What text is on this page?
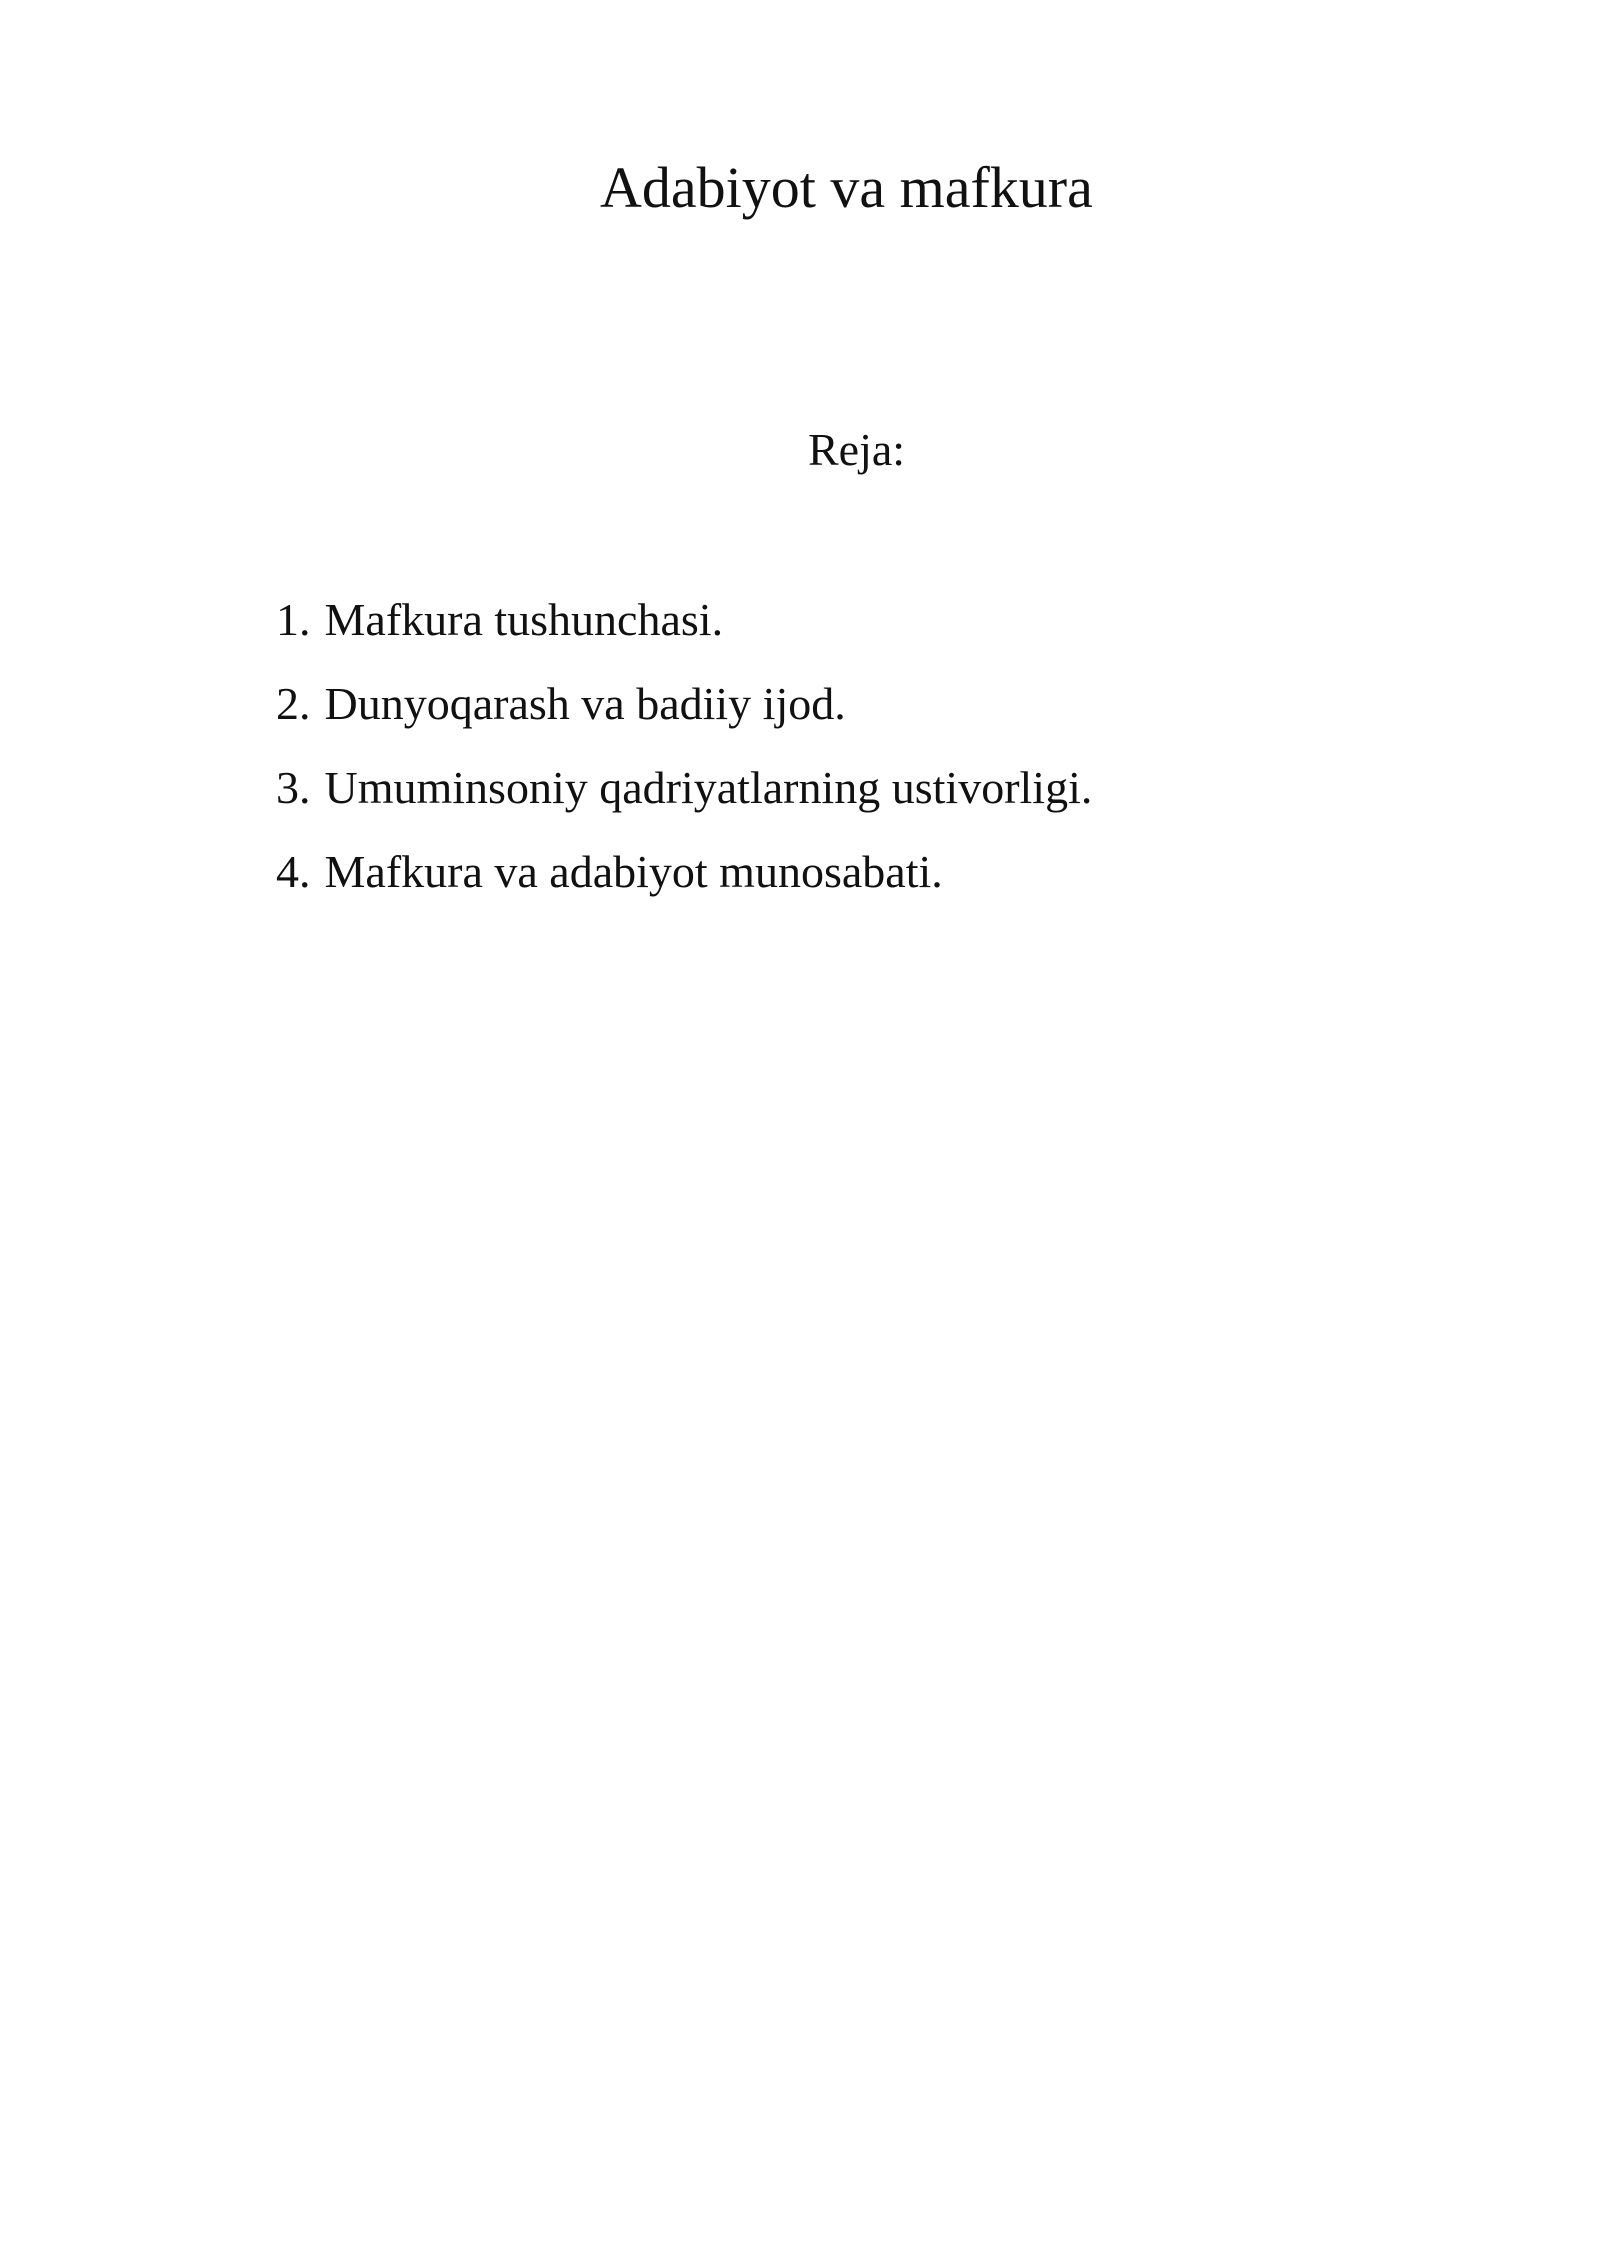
Adabiyot va mafkura
Reja:
1. Mafkura tushunchasi.
2. Dunyoqarash va badiiy ijod.
3. Umuminsoniy qadriyatlarning ustivorligi.
4. Mafkura va adabiyot munosabati.
